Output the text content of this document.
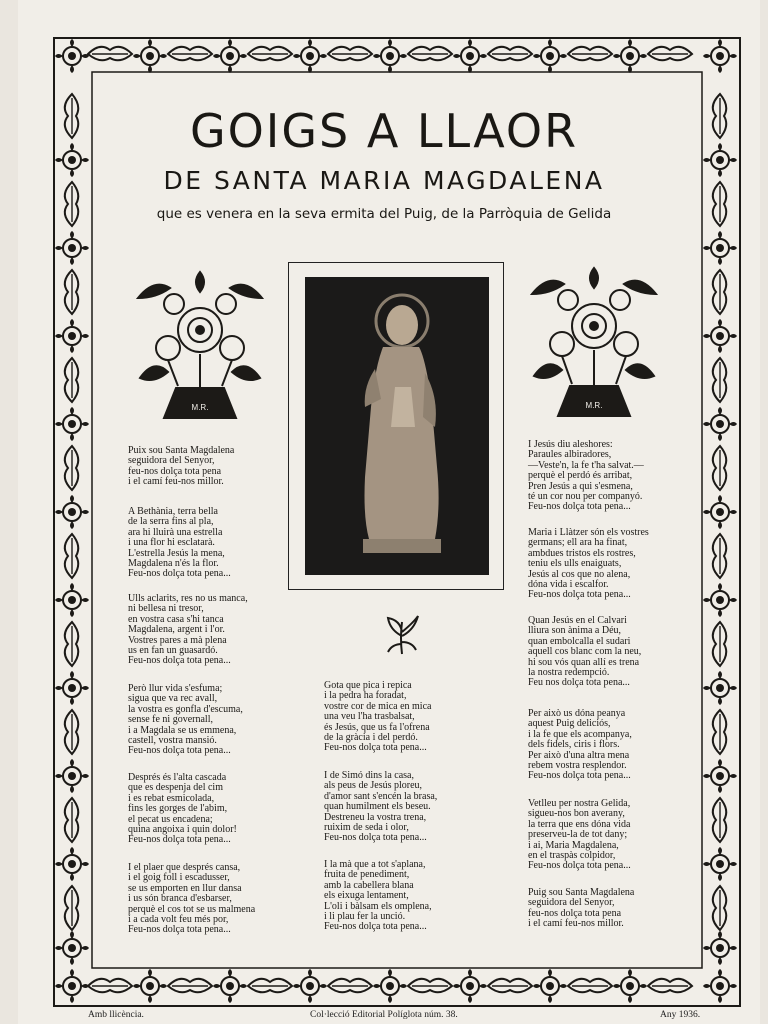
GOIGS A LLAOR
DE SANTA MARIA MAGDALENA
que es venera en la seva ermita del Puig, de la Parròquia de Gelida
M.R.	M.R.
Puix sou Santa Magdalena
seguidora del Senyor,
feu-nos dolça tota pena
i el camí feu-nos millor.
A Bethània, terra bella
de la serra fins al pla,
ara hi lluirà una estrella
i una flor hi esclatarà.
L'estrella Jesús la mena,
Magdalena n'és la flor.
Feu-nos dolça tota pena...
Ulls aclarits, res no us manca,
ni bellesa ni tresor,
en vostra casa s'hi tanca
Magdalena, argent i l'or.
Vostres pares a mà plena
us en fan un guasardó.
Feu-nos dolça tota pena...
Però llur vida s'esfuma;
sigua que va rec avall,
la vostra es gonfla d'escuma,
sense fe ni governall,
i a Magdala se us emmena,
castell, vostra mansió.
Feu-nos dolça tota pena...
Després és l'alta cascada
que es despenja del cim
i es rebat esmicolada,
fins les gorges de l'abim,
el pecat us encadena;
quina angoixa i quin dolor!
Feu-nos dolça tota pena...
I el plaer que després cansa,
i el goig foll i escadusser,
se us emporten en llur dansa
i us són branca d'esbarser,
perquè el cos tot se us malmena
i a cada volt feu més por,
Feu-nos dolça tota pena...
Gota que pica i repica
i la pedra ha foradat,
vostre cor de mica en mica
una veu l'ha trasbalsat,
és Jesús, que us fa l'ofrena
de la gràcia i del perdó.
Feu-nos dolça tota pena...
I de Simó dins la casa,
als peus de Jesús ploreu,
d'amor sant s'encén la brasa,
quan humilment els beseu.
Destreneu la vostra trena,
ruixim de seda i olor,
Feu-nos dolça tota pena...
I la mà que a tot s'aplana,
fruita de penediment,
amb la cabellera blana
els eixuga lentament,
L'oli i bàlsam els omplena,
i li plau fer la unció.
Feu-nos dolça tota pena...
I Jesús diu aleshores:
Paraules albiradores,
—Veste'n, la fe t'ha salvat.—
perquè el perdó és arribat,
Pren Jesús a qui s'esmena,
té un cor nou per companyó.
Feu-nos dolça tota pena...
Maria i Llàtzer són els vostres
germans; ell ara ha finat,
ambdues tristos els rostres,
teniu els ulls enaiguats,
Jesús al cos que no alena,
dóna vida i escalfor.
Feu-nos dolça tota pena...
Quan Jesús en el Calvari
lliura son ànima a Déu,
quan embolcalla el sudari
aquell cos blanc com la neu,
hi sou vós quan allí es trena
la nostra redempció.
Feu nos dolça tota pena...
Per això us dóna peanya
aquest Puig deliciós,
i la fe que els acompanya,
dels fidels, ciris i flors.
Per això d'una altra mena
rebem vostra resplendor.
Feu-nos dolça tota pena...
Vetlleu per nostra Gelida,
sigueu-nos bon averany,
la terra que ens dóna vida
preserveu-la de tot dany;
i ai, Maria Magdalena,
en el traspàs colpidor,
Feu-nos dolça tota pena...
Puig sou Santa Magdalena
seguidora del Senyor,
feu-nos dolça tota pena
i el camí feu-nos millor.
Amb llicència.	Col·lecció Editorial Políglota núm. 38.	Any 1936.
